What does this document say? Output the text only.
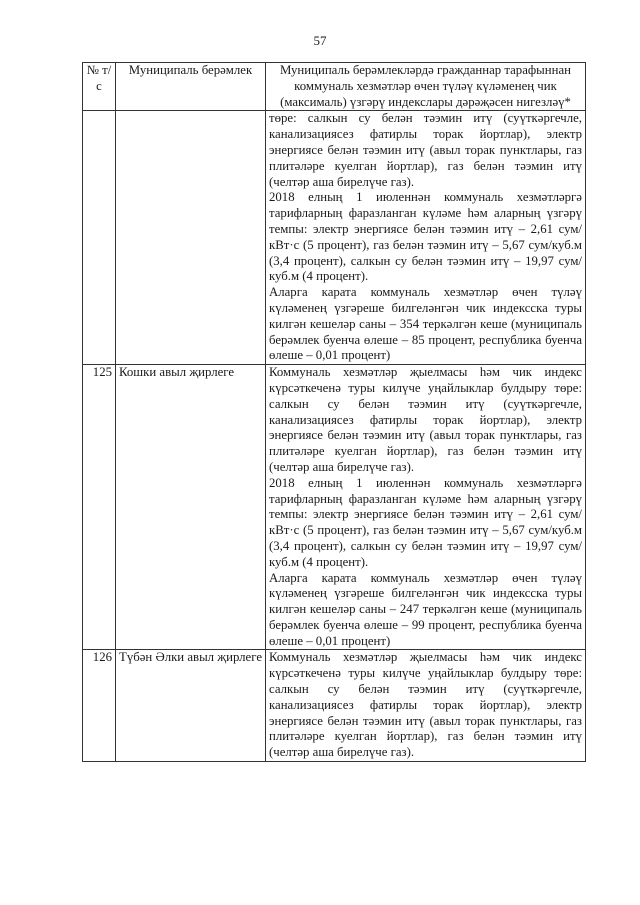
57
№ т/с	Муниципаль берәмлек	Муниципаль берәмлекләрдә гражданнар тарафыннан коммуналь хезмәтләр өчен түләү күләменең чик (максималь) үзгәрү индекслары дәрәҗәсен нигезләү*

		төре: салкын су белән тәэмин итү (суүткәргечле, канализациясез фатирлы торак йортлар), электр энергиясе белән тәэмин итү (авыл торак пунктлары, газ плитәләре куелган йортлар), газ белән тәэмин итү (челтәр аша бирелүче газ).
2018 елның 1 июленнән коммуналь хезмәтләргә тарифларның фаразланган күләме һәм аларның үзгәрү темпы: электр энергиясе белән тәэмин итү – 2,61 сум/кВт·с (5 процент), газ белән тәэмин итү – 5,67 сум/куб.м (3,4 процент), салкын су белән тәэмин итү – 19,97 сум/куб.м (4 процент).
Аларга карата коммуналь хезмәтләр өчен түләү күләменең үзгәреше билгеләнгән чик индексска туры килгән кешеләр саны – 354 теркәлгән кеше (муниципаль берәмлек буенча өлеше – 85 процент, республика буенча өлеше – 0,01 процент)

125	Кошки авыл җирлеге	Коммуналь хезмәтләр җыелмасы һәм чик индекс күрсәткеченә туры килүче уңайлыклар булдыру төре: салкын су белән тәэмин итү (суүткәргечле, канализациясез фатирлы торак йортлар), электр энергиясе белән тәэмин итү (авыл торак пунктлары, газ плитәләре куелган йортлар), газ белән тәэмин итү (челтәр аша бирелүче газ).
2018 елның 1 июленнән коммуналь хезмәтләргә тарифларның фаразланган күләме һәм аларның үзгәрү темпы: электр энергиясе белән тәэмин итү – 2,61 сум/кВт·с (5 процент), газ белән тәэмин итү – 5,67 сум/куб.м (3,4 процент), салкын су белән тәэмин итү – 19,97 сум/куб.м (4 процент).
Аларга карата коммуналь хезмәтләр өчен түләү күләменең үзгәреше билгеләнгән чик индексска туры килгән кешеләр саны – 247 теркәлгән кеше (муниципаль берәмлек буенча өлеше – 99 процент, республика буенча өлеше – 0,01 процент)

126	Түбән Әлки авыл җирлеге	Коммуналь хезмәтләр җыелмасы һәм чик индекс күрсәткеченә туры килүче уңайлыклар булдыру төре: салкын су белән тәэмин итү (суүткәргечле, канализациясез фатирлы торак йортлар), электр энергиясе белән тәэмин итү (авыл торак пунктлары, газ плитәләре куелган йортлар), газ белән тәэмин итү (челтәр аша бирелүче газ).
